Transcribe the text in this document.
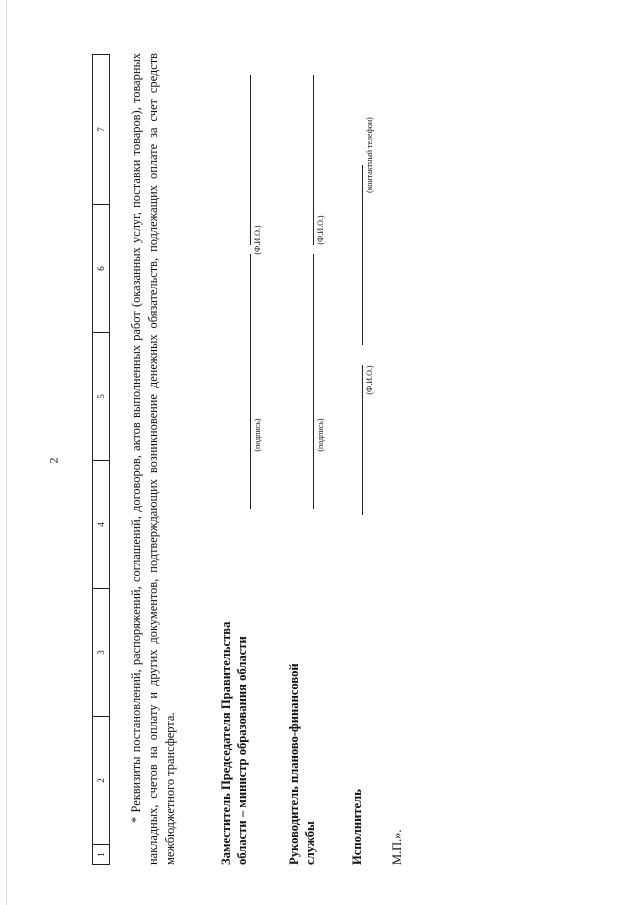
2
1	2	3	4	5	6	7 * Реквизиты постановлений, распоряжений, соглашений, договоров, актов выполненных работ (оказанных услуг, поставки товаров), товарных накладных, счетов на оплату и других документов, подтверждающих возникновение денежных обязательств, подлежащих оплате за счет средств межбюджетного трансферта.	Заместитель Председателя Правительства области – министр образования области
(подпись)
(Ф.И.О.)
Руководитель планово-финансовой службы
(подпись)
(Ф.И.О.)
Исполнитель
(Ф.И.О.)
(контактный телефон)
М.П.».
